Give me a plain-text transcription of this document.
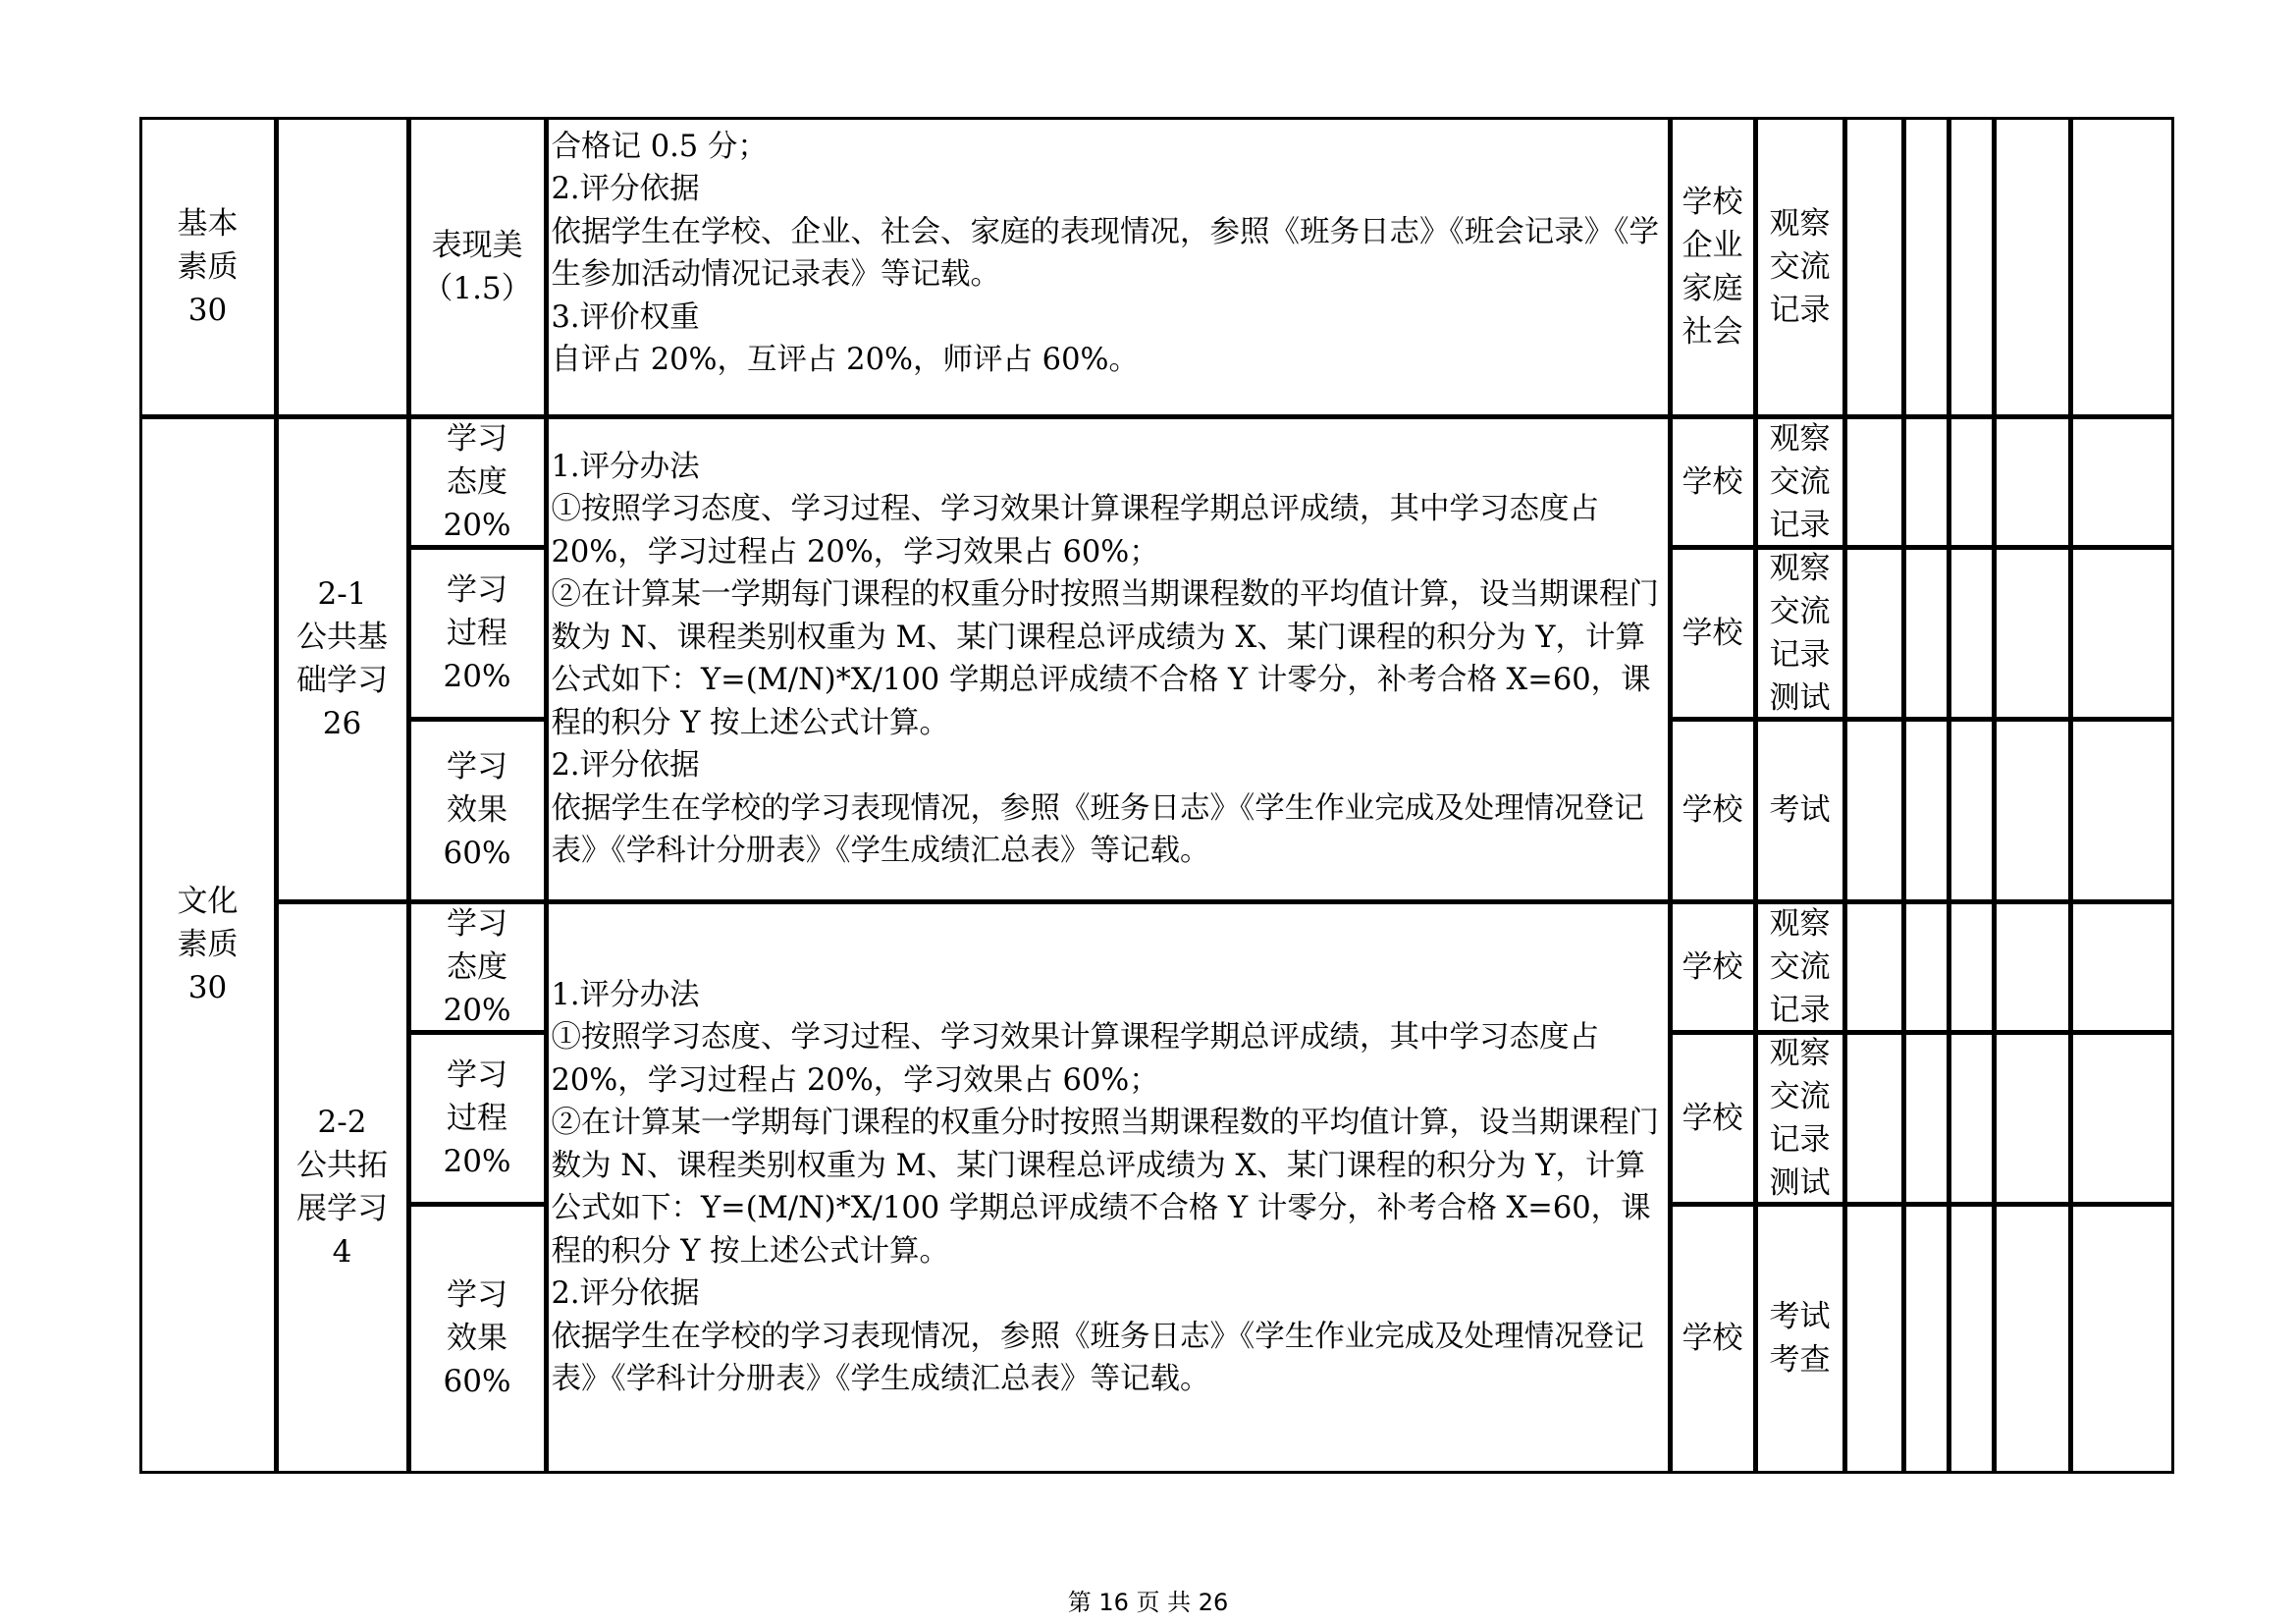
基本
素质
30
表现美
（1.5）
合格记 0.5 分；
2.评分依据
依据学生在学校、企业、社会、家庭的表现情况，参照《班务日志》《班会记录》《学生参加活动情况记录表》等记载。
3.评价权重
自评占 20%，互评占 20%，师评占 60%。
学校
企业
家庭
社会
观察
交流
记录
文化
素质
30
2-1
公共基
础学习
26
学习
态度
20%
学习
过程
20%
学习
效果
60%
1.评分办法
①按照学习态度、学习过程、学习效果计算课程学期总评成绩，其中学习态度占 20%，学习过程占 20%，学习效果占 60%；
②在计算某一学期每门课程的权重分时按照当期课程数的平均值计算，设当期课程门数为 N、课程类别权重为 M、某门课程总评成绩为 X、某门课程的积分为 Y，计算公式如下：Y=(M/N)*X/100 学期总评成绩不合格 Y 计零分，补考合格 X=60，课程的积分 Y 按上述公式计算。
2.评分依据
依据学生在学校的学习表现情况，参照《班务日志》《学生作业完成及处理情况登记表》《学科计分册表》《学生成绩汇总表》等记载。
学校
学校
学校
观察
交流
记录
观察
交流
记录
测试
考试
2-2
公共拓
展学习
4
学习
态度
20%
学习
过程
20%
学习
效果
60%
1.评分办法
①按照学习态度、学习过程、学习效果计算课程学期总评成绩，其中学习态度占 20%，学习过程占 20%，学习效果占 60%；
②在计算某一学期每门课程的权重分时按照当期课程数的平均值计算，设当期课程门数为 N、课程类别权重为 M、某门课程总评成绩为 X、某门课程的积分为 Y，计算公式如下：Y=(M/N)*X/100 学期总评成绩不合格 Y 计零分，补考合格 X=60，课程的积分 Y 按上述公式计算。
2.评分依据
依据学生在学校的学习表现情况，参照《班务日志》《学生作业完成及处理情况登记表》《学科计分册表》《学生成绩汇总表》等记载。
学校
学校
学校
观察
交流
记录
观察
交流
记录
测试
考试
考查
第 16 页 共 26
